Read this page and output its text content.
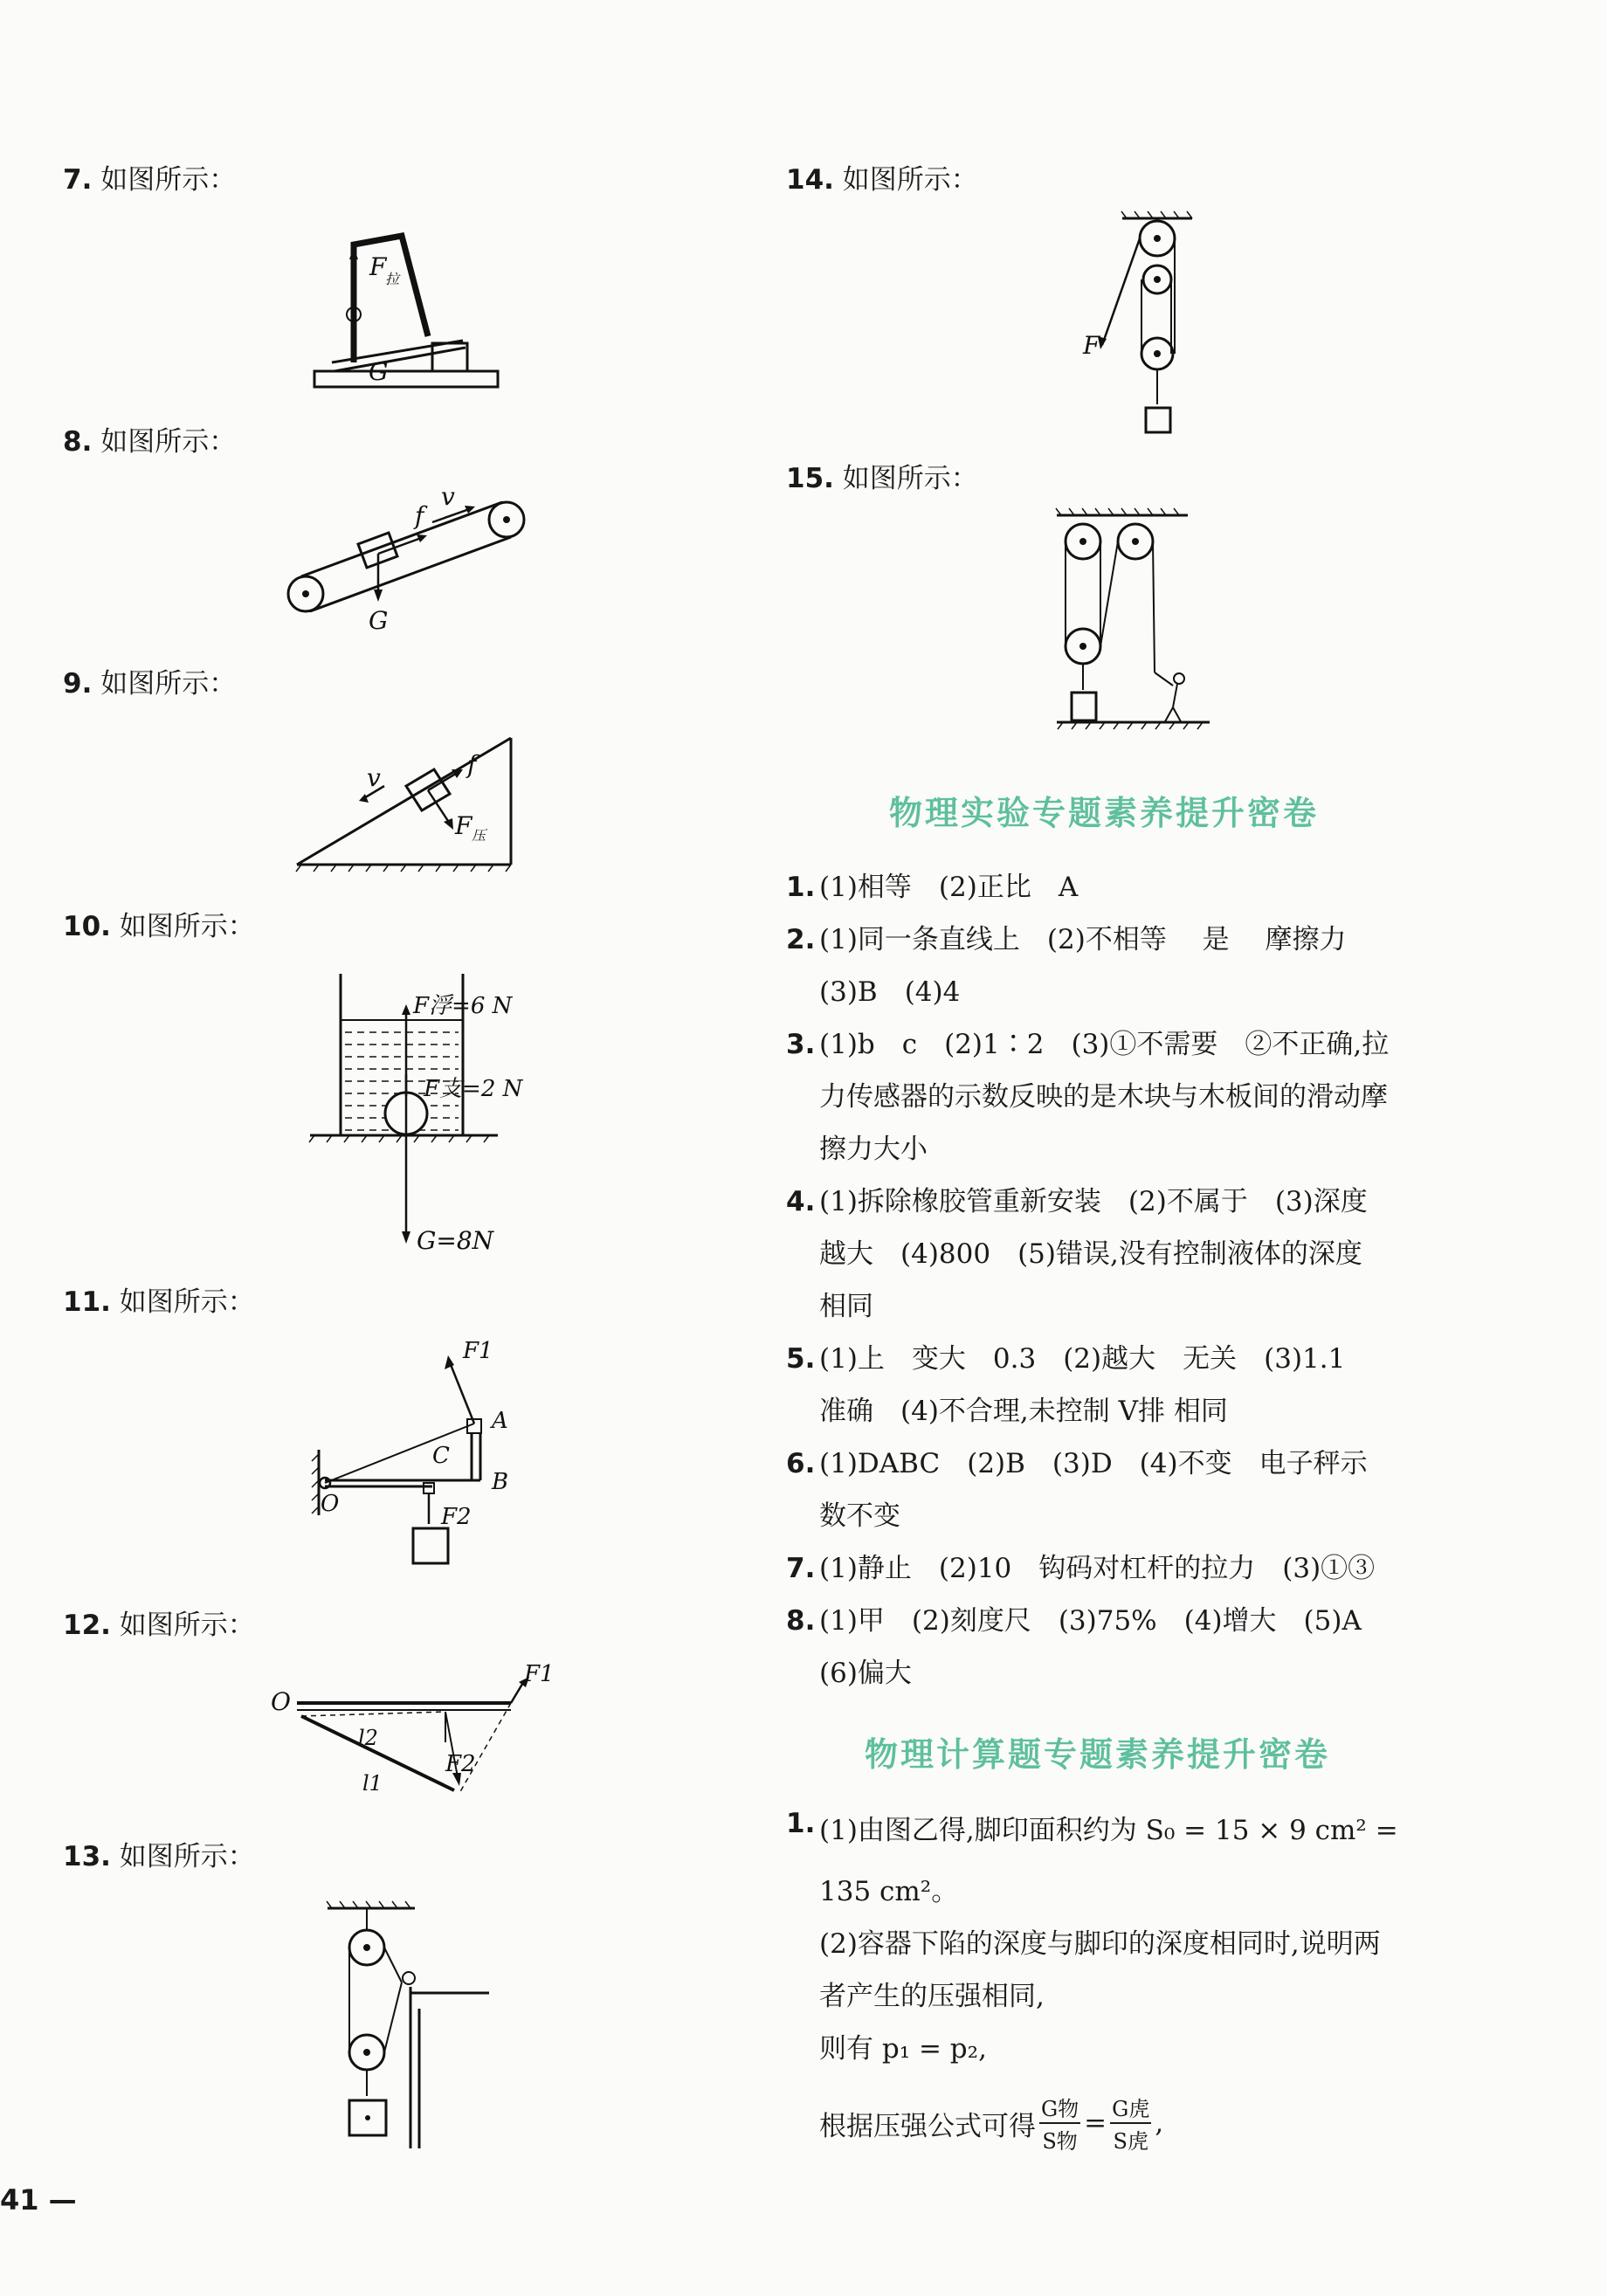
7. 如图所示：
F
拉
G
8. 如图所示：
f
v
G
9. 如图所示：
f
v
F 压
10. 如图所示：
F浮=6 N
F支=2 N
G=8N
11. 如图所示：
F1
A
B
C
O	F2
12. 如图所示：
O
F1
F2
l2
l1
13. 如图所示：
14. 如图所示：
F
15. 如图所示：
物理实验专题素养提升密卷
1. (1)相等　(2)正比　A
2. (1)同一条直线上　(2)不相等　 是　 摩擦力
(3)B　(4)4
3. (1)b　c　(2)1∶2　(3)①不需要　②不正确,拉
力传感器的示数反映的是木块与木板间的滑动摩
擦力大小
4. (1)拆除橡胶管重新安装　(2)不属于　(3)深度
越大　(4)800　(5)错误,没有控制液体的深度
相同
5. (1)上　变大　0.3　(2)越大　无关　(3)1.1
准确　(4)不合理,未控制 V排 相同
6. (1)DABC　(2)B　(3)D　(4)不变　电子秤示
数不变
7. (1)静止　(2)10　钩码对杠杆的拉力　(3)①③
8. (1)甲　(2)刻度尺　(3)75%　(4)增大　(5)A
(6)偏大
物理计算题专题素养提升密卷
1. (1)由图乙得,脚印面积约为 S₀ = 15 × 9 cm² =
135 cm²。
(2)容器下陷的深度与脚印的深度相同时,说明两
者产生的压强相同,
则有 p₁ = p₂,
根据压强公式可得
G物
S物
= G虎
S虎
,
41 —
